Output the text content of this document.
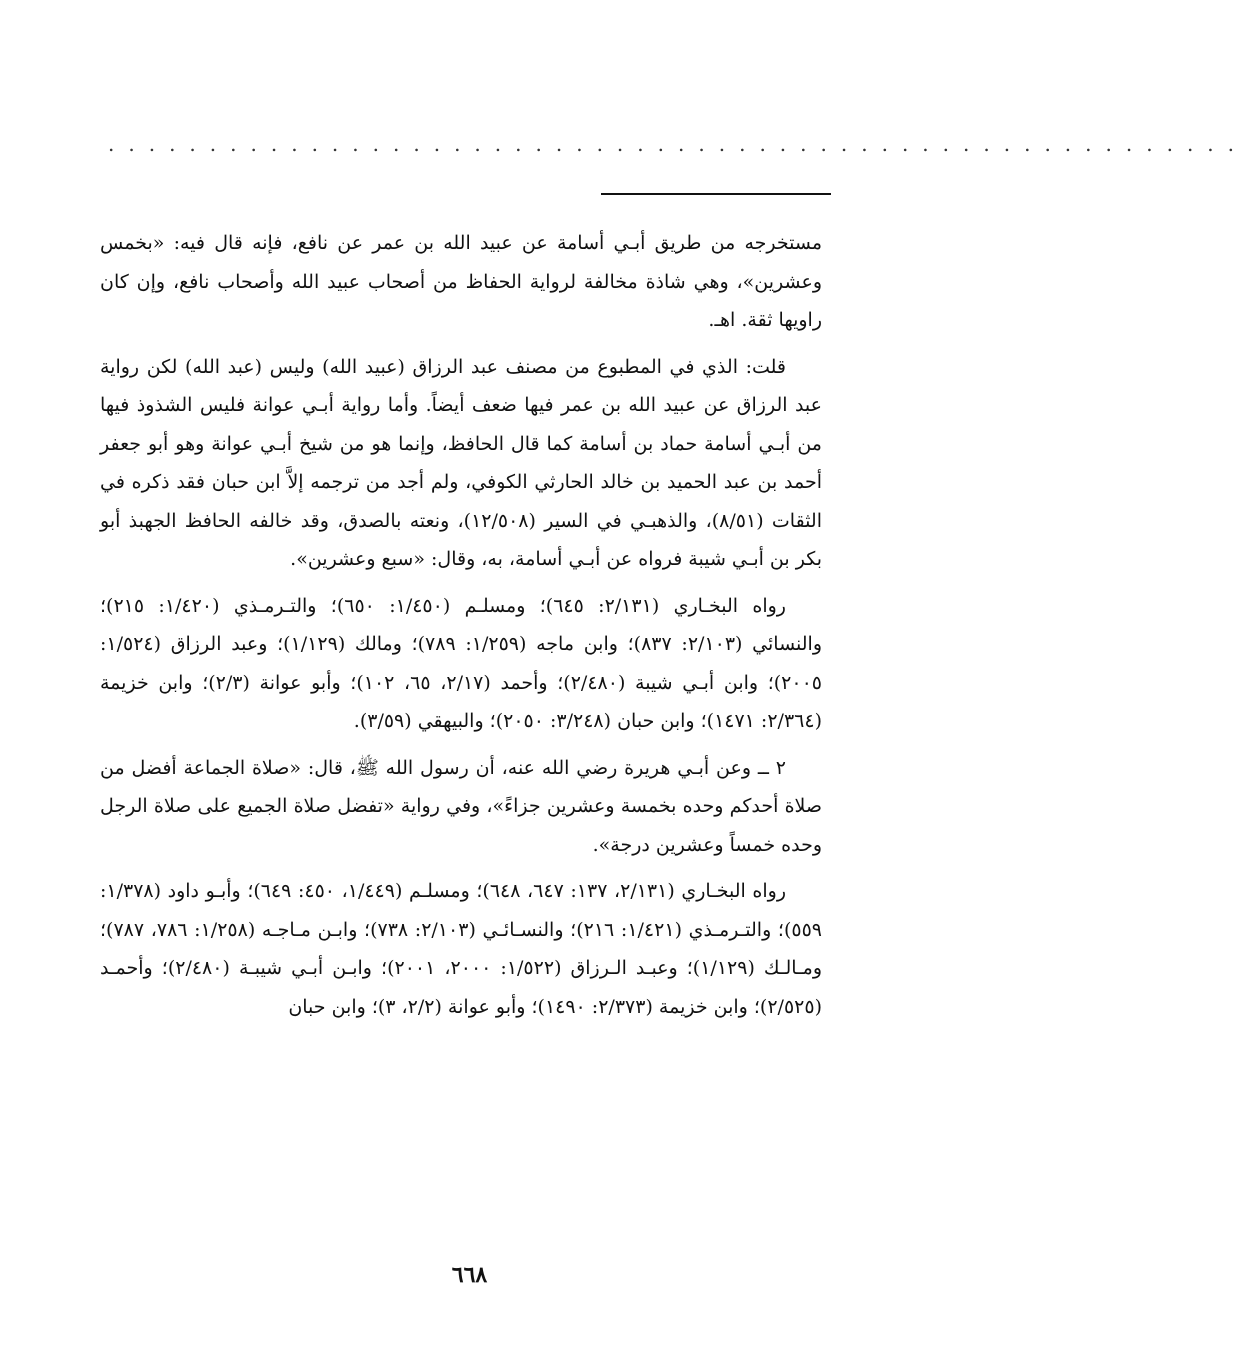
........................................................

مستخرجه من طريق أبـي أسامة عن عبيد الله بن عمر عن نافع، فإنه قال فيه: «بخمس وعشرين»، وهي شاذة مخالفة لرواية الحفاظ من أصحاب عبيد الله وأصحاب نافع، وإن كان راويها ثقة. اهـ.

قلت: الذي في المطبوع من مصنف عبد الرزاق (عبيد الله) وليس (عبد الله) لكن رواية عبد الرزاق عن عبيد الله بن عمر فيها ضعف أيضاً. وأما رواية أبـي عوانة فليس الشذوذ فيها من أبـي أسامة حماد بن أسامة كما قال الحافظ، وإنما هو من شيخ أبـي عوانة وهو أبو جعفر أحمد بن عبد الحميد بن خالد الحارثي الكوفي، ولم أجد من ترجمه إلاَّ ابن حبان فقد ذكره في الثقات (٨/٥١)، والذهبـي في السير (١٢/٥٠٨)، ونعته بالصدق، وقد خالفه الحافظ الجهبذ أبو بكر بن أبـي شيبة فرواه عن أبـي أسامة، به، وقال: «سبع وعشرين».

رواه البخـاري (٢/١٣١: ٦٤٥)؛ ومسلـم (١/٤٥٠: ٦٥٠)؛ والتـرمـذي (١/٤٢٠: ٢١٥)؛ والنسائي (٢/١٠٣: ٨٣٧)؛ وابن ماجه (١/٢٥٩: ٧٨٩)؛ ومالك (١/١٢٩)؛ وعبد الرزاق (١/٥٢٤: ٢٠٠٥)؛ وابن أبـي شيبة (٢/٤٨٠)؛ وأحمد (٢/١٧، ٦٥، ١٠٢)؛ وأبو عوانة (٢/٣)؛ وابن خزيمة (٢/٣٦٤: ١٤٧١)؛ وابن حبان (٣/٢٤٨: ٢٠٥٠)؛ والبيهقي (٣/٥٩).

٢ ــ وعن أبـي هريرة رضي الله عنه، أن رسول الله ﷺ، قال: «صلاة الجماعة أفضل من صلاة أحدكم وحده بخمسة وعشرين جزاءً»، وفي رواية «تفضل صلاة الجميع على صلاة الرجل وحده خمساً وعشرين درجة».

رواه البخـاري (٢/١٣١، ١٣٧: ٦٤٧، ٦٤٨)؛ ومسلـم (١/٤٤٩، ٤٥٠: ٦٤٩)؛ وأبـو داود (١/٣٧٨: ٥٥٩)؛ والتـرمـذي (١/٤٢١: ٢١٦)؛ والنسـائـي (٢/١٠٣: ٧٣٨)؛ وابـن مـاجـه (١/٢٥٨: ٧٨٦، ٧٨٧)؛ ومـالـك (١/١٢٩)؛ وعبـد الـرزاق (١/٥٢٢: ٢٠٠٠، ٢٠٠١)؛ وابـن أبـي شيبـة (٢/٤٨٠)؛ وأحمـد (٢/٥٢٥)؛ وابن خزيمة (٢/٣٧٣: ١٤٩٠)؛ وأبو عوانة (٢/٢، ٣)؛ وابن حبان

٦٦٨
